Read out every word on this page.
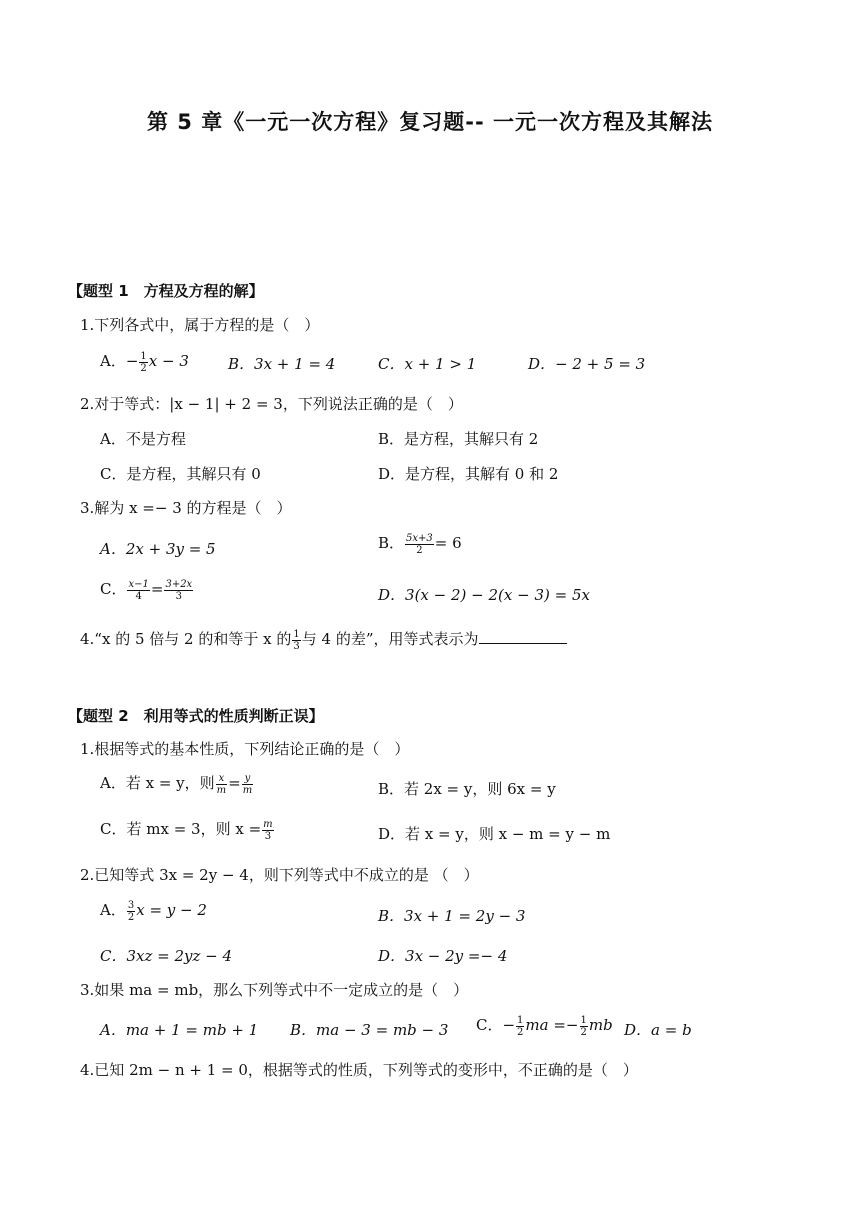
第 5 章《一元一次方程》复习题-- 一元一次方程及其解法
【题型 1　方程及方程的解】
1.下列各式中，属于方程的是（　）
A．− $\frac{1}{2}$ x − 3	B．3x + 1 = 4	C．x + 1 > 1	D．− 2 + 5 = 3
2.对于等式：|x − 1| + 2 = 3，下列说法正确的是（　）
A．不是方程	B．是方程，其解只有 2
C．是方程，其解只有 0	D．是方程，其解有 0 和 2
3.解为 x =− 3 的方程是（　）
A．2x + 3y = 5	B． $\frac{5x+3}{2} = 6$
C． $\frac{x-1}{4} = \frac{3+2x}{3}$	D．3(x − 2) − 2(x − 3) = 5x
4.“x 的 5 倍与 2 的和等于 x 的 $\frac{1}{3}$ 与 4 的差”，用等式表示为
【题型 2　利用等式的性质判断正误】
1.根据等式的基本性质，下列结论正确的是（　）
A．若 x = y，则 $\frac{x}{m} = \frac{y}{m}$	B．若 2x = y，则 6x = y
C．若 mx = 3，则 $x = \frac{m}{3}$	D．若 x = y，则 x − m = y − m
2.已知等式 3x = 2y − 4，则下列等式中不成立的是 （　）
A． $\frac{3}{2}$ x = y − 2	B．3x + 1 = 2y − 3
C．3xz = 2yz − 4	D．3x − 2y =− 4
3.如果 ma = mb，那么下列等式中不一定成立的是（　）
A．ma + 1 = mb + 1 B．ma − 3 = mb − 3 C．− $\frac{1}{2}$ ma =− $\frac{1}{2}$ mb D．a = b
4.已知 2m − n + 1 = 0，根据等式的性质，下列等式的变形中，不正确的是（　）
